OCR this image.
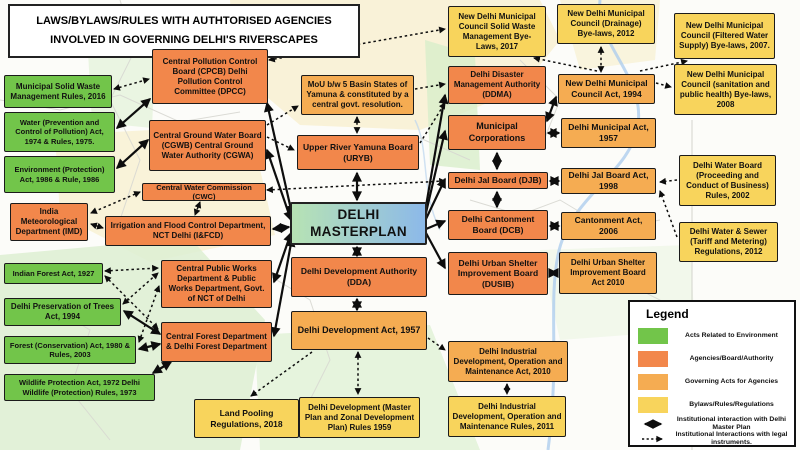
LAWS/BYLAWS/RULES WITH AUTHTORISED AGENCIES INVOLVED IN GOVERNING DELHI'S RIVERSCAPES
Municipal Solid Waste Management Rules, 2016
Water (Prevention and Control of Pollution) Act, 1974 & Rules, 1975.
Environment (Protection) Act, 1986 & Rule, 1986
Indian Forest Act, 1927
Delhi Preservation of Trees Act, 1994
Forest (Conservation) Act, 1980 & Rules, 2003
Wildlife Protection Act, 1972 Delhi Wildlife (Protection) Rules, 1973
India Meteorological Department (IMD)
Central Pollution Control Board (CPCB) Delhi Pollution Control Committee (DPCC)
Central Ground Water Board (CGWB) Central Ground Water Authority (CGWA)
Central Water Commission (CWC)
Irrigation and Flood Control Department, NCT Delhi (I&FCD)
Central Public Works Department & Public Works Department, Govt. of NCT of Delhi
Central Forest Department & Delhi Forest Department
MoU b/w 5 Basin States of Yamuna & constituted by a central govt. resolution.
Upper River Yamuna Board (URYB)
DELHI MASTERPLAN
Delhi Development Authority (DDA)
Delhi Development Act, 1957
Delhi Development (Master Plan and Zonal Development Plan) Rules 1959
Land Pooling Regulations, 2018
New Delhi Municipal Council Solid Waste Management Bye-Laws, 2017
New Delhi Municipal Council (Drainage) Bye-laws, 2012
New Delhi Municipal Council (Filtered Water Supply) Bye-laws, 2007.
New Delhi Municipal Council (sanitation and public health) Bye-laws, 2008
Delhi Disaster Management Authority (DDMA)
Municipal Corporations
Delhi Jal Board (DJB)
Delhi Cantonment Board (DCB)
Delhi Urban Shelter Improvement Board (DUSIB)
New Delhi Municipal Council Act, 1994
Delhi Municipal Act, 1957
Delhi Jal Board Act, 1998
Cantonment Act, 2006
Delhi Urban Shelter Improvement Board Act 2010
Delhi Water Board (Proceeding and Conduct of Business) Rules, 2002
Delhi Water & Sewer (Tariff and Metering) Regulations, 2012
Delhi Industrial Development, Operation and Maintenance Act, 2010
Delhi Industrial Development, Operation and Maintenance Rules, 2011
Legend
Acts Related to Environment
Agencies/Board/Authority
Governing Acts for Agencies
Bylaws/Rules/Regulations
Institutional interaction with Delhi Master Plan
Institutional Interactions with legal instruments.
